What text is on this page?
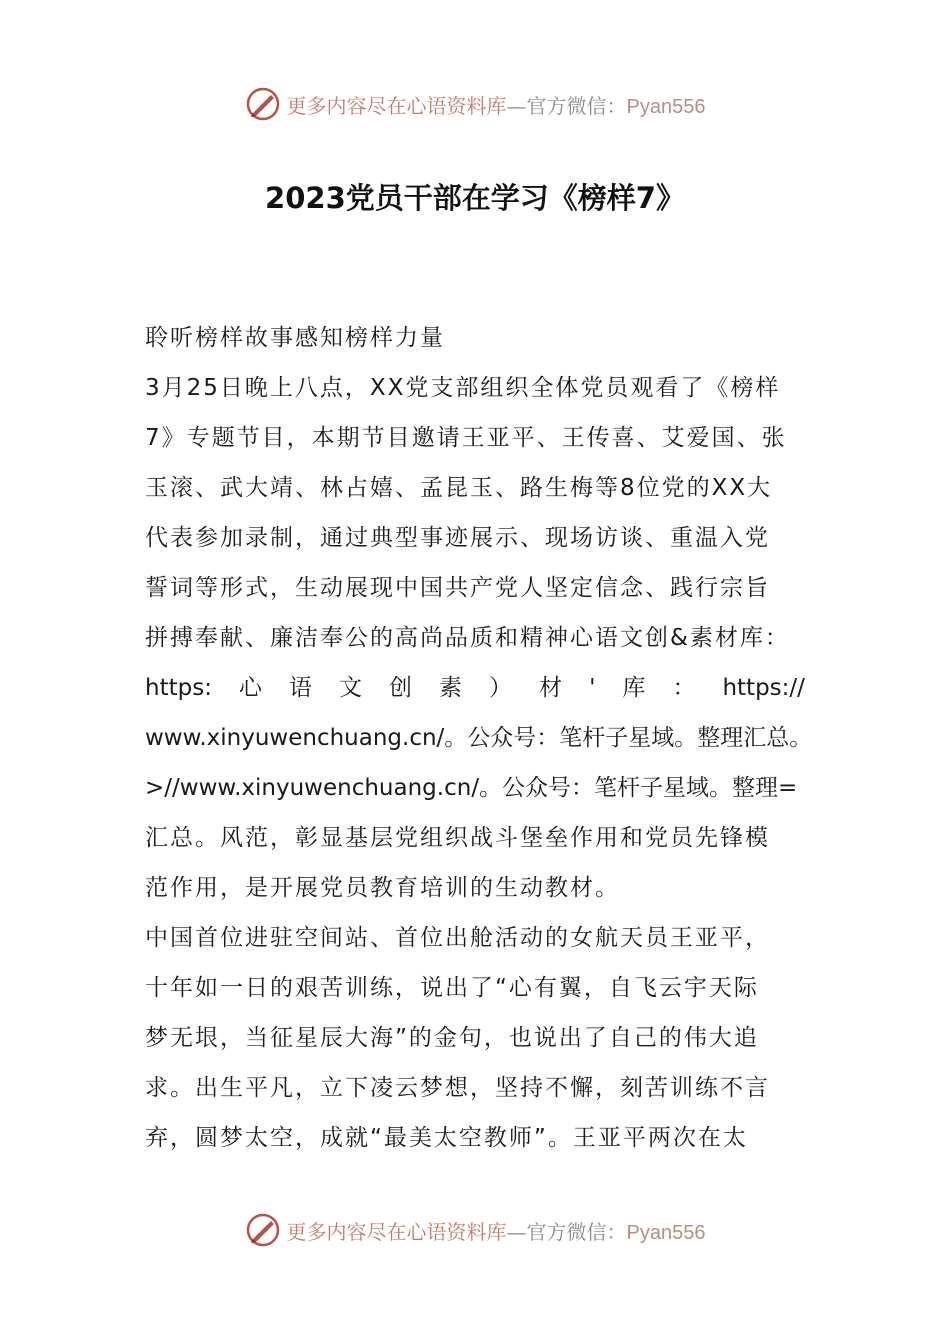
更多内容尽在心语资料库—官方微信：Pyan556
2023党员干部在学习《榜样7》
聆听榜样故事感知榜样力量
3月25日晚上八点，XX党支部组织全体党员观看了《榜样
7》专题节目，本期节目邀请王亚平、王传喜、艾爱国、张
玉滚、武大靖、林占嬉、孟昆玉、路生梅等8位党的XX大
代表参加录制，通过典型事迹展示、现场访谈、重温入党
誓词等形式，生动展现中国共产党人坚定信念、践行宗旨
拼搏奉献、廉洁奉公的高尚品质和精神心语文创&素材库：
https: 心 语 文 创 素 ） 材 ' 库 ： https://
www.xinyuwenchuang.cn/。公众号：笔杆子星域。整理汇总。
>//www.xinyuwenchuang.cn/。公众号：笔杆子星域。整理=
汇总。风范，彰显基层党组织战斗堡垒作用和党员先锋模
范作用，是开展党员教育培训的生动教材。
中国首位进驻空间站、首位出舱活动的女航天员王亚平，
十年如一日的艰苦训练，说出了“心有翼，自飞云宇天际
梦无垠，当征星辰大海”的金句，也说出了自己的伟大追
求。出生平凡，立下凌云梦想，坚持不懈，刻苦训练不言
弃，圆梦太空，成就“最美太空教师”。王亚平两次在太
更多内容尽在心语资料库—官方微信：Pyan556
